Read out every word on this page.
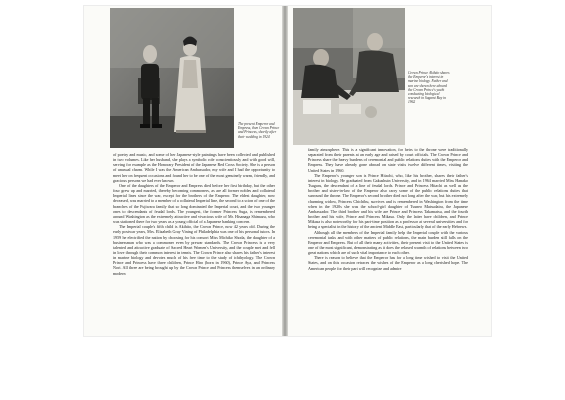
The present Emperor and Empress, then Crown Prince and Princess, shortly after their wedding in 1924

of poetry and music, and some of her Japanese-style paintings have been collected and published in two volumes. Like her husband, she plays a symbolic role conscientiously and with good will, serving for example as the Honorary President of the Japanese Red Cross Society. She is a person of unusual charm. While I was the American Ambassador, my wife and I had the opportunity to meet her on frequent occasions and found her to be one of the most genuinely warm, friendly, and gracious persons we had ever known.

One of the daughters of the Emperor and Empress died before her first birthday, but the other four grew up and married, thereby becoming commoners, as are all former nobles and collateral Imperial lines since the war, except for the brothers of the Emperor. The eldest daughter, now deceased, was married to a member of a collateral Imperial line, the second to a scion of one of the branches of the Fujiwara family that so long dominated the Imperial court, and the two younger ones to descendants of feudal lords. The youngest, the former Princess Suga, is remembered around Washington as the extremely attractive and vivacious wife of Mr. Hisanaga Shimazu, who was stationed there for two years as a young official of a Japanese banking concern.

The Imperial couple's fifth child is Akihito, the Crown Prince, now 42 years old. During the early postwar years, Mrs. Elizabeth Gray Vining of Philadelphia was one of his personal tutors. In 1959 he electrified the nation by choosing for his consort Miss Michiko Shoda, the daughter of a businessman who was a commoner even by prewar standards. The Crown Princess is a very talented and attractive graduate of Sacred Heart Women's University, and the couple met and fell in love through their common interest in tennis. The Crown Prince also shares his father's interest in marine biology and devotes much of his free time to the study of ichthyology. The Crown Prince and Princess have three children, Prince Hiro (born in 1960), Prince Aya, and Princess Nori. All three are being brought up by the Crown Prince and Princess themselves in an ordinary modern

Crown Prince Akihito shares the Emperor's interest in marine biology. Father and son are shown here aboard the Crown Prince's yacht conducting biological research in Sagami Bay in 1962

family atmosphere. This is a significant innovation, for heirs to the throne were traditionally separated from their parents at an early age and raised by court officials. The Crown Prince and Princess share the heavy burdens of ceremonial and public relations duties with the Emperor and Empress. They have already gone abroad on state visits twelve different times, visiting the United States in 1960.

The Emperor's younger son is Prince Hitachi, who, like his brother, shares their father's interest in biology. He graduated from Gakushuin University, and in 1964 married Miss Hanako Tsugaru, the descendant of a line of feudal lords. Prince and Princess Hitachi as well as the brother and sister-in-law of the Emperor also carry some of the public relations duties that surround the throne. The Emperor's second brother died not long after the war, but his extremely charming widow, Princess Chichibu, survives and is remembered in Washington from the time when in the 1920s she was the school-girl daughter of Tsuneo Matsudaira, the Japanese Ambassador. The third brother and his wife are Prince and Princess Takamatsu, and the fourth brother and his wife, Prince and Princess Mikasa. Only the latter have children, and Prince Mikasa is also noteworthy for his part-time position as a professor at several universities and for being a specialist in the history of the ancient Middle East, particularly that of the early Hebrews.

Although all the members of the Imperial family help the Imperial couple with the various ceremonial tasks and with other matters of public relations, the main burden still falls on the Emperor and Empress. But of all their many activities, their present visit to the United States is one of the most significant, demonstrating as it does the relaxed warmth of relations between two great nations which are of such vital importance to each other.

There is reason to believe that the Emperor has for a long time wished to visit the United States, and on this occasion retraces the wishes of the Emperor as a long cherished hope. The American people for their part will recognize and admire
